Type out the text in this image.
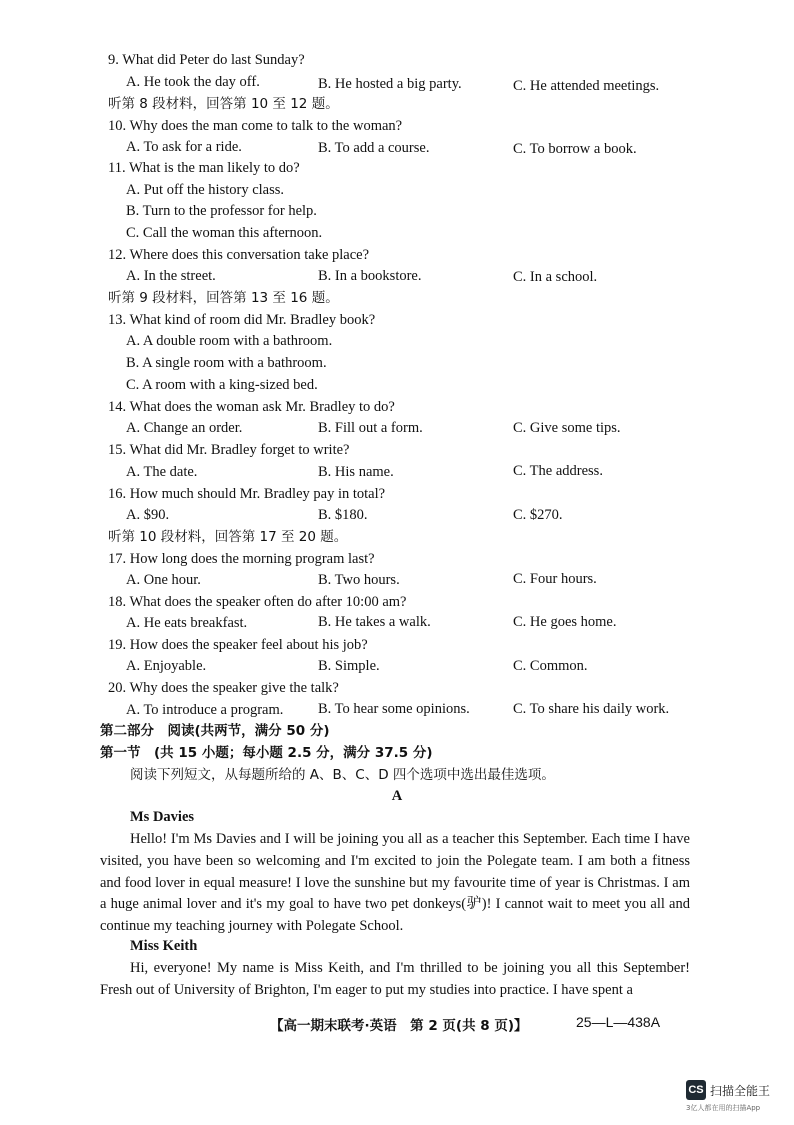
9. What did Peter do last Sunday?
A. He took the day off.	B. He hosted a big party.	C. He attended meetings.
听第 8 段材料，回答第 10 至 12 题。
10. Why does the man come to talk to the woman?
A. To ask for a ride.	B. To add a course.	C. To borrow a book.
11. What is the man likely to do?
A. Put off the history class.
B. Turn to the professor for help.
C. Call the woman this afternoon.
12. Where does this conversation take place?
A. In the street.	B. In a bookstore.	C. In a school.
听第 9 段材料，回答第 13 至 16 题。
13. What kind of room did Mr. Bradley book?
A. A double room with a bathroom.
B. A single room with a bathroom.
C. A room with a king-sized bed.
14. What does the woman ask Mr. Bradley to do?
A. Change an order.	B. Fill out a form.	C. Give some tips.
15. What did Mr. Bradley forget to write?
A. The date.	B. His name.	C. The address.
16. How much should Mr. Bradley pay in total?
A. $90.	B. $180.	C. $270.
听第 10 段材料，回答第 17 至 20 题。
17. How long does the morning program last?
A. One hour.	B. Two hours.	C. Four hours.
18. What does the speaker often do after 10:00 am?
A. He eats breakfast.	B. He takes a walk.	C. He goes home.
19. How does the speaker feel about his job?
A. Enjoyable.	B. Simple.	C. Common.
20. Why does the speaker give the talk?
A. To introduce a program. B. To hear some opinions.	C. To share his daily work.
第二部分　阅读(共两节，满分 50 分)
第一节　(共 15 小题；每小题 2.5 分，满分 37.5 分)
阅读下列短文，从每题所给的 A、B、C、D 四个选项中选出最佳选项。
A
Ms Davies
Hello! I'm Ms Davies and I will be joining you all as a teacher this September. Each time I have visited, you have been so welcoming and I'm excited to join the Polegate team. I am both a fitness and food lover in equal measure! I love the sunshine but my favourite time of year is Christmas. I am a huge animal lover and it's my goal to have two pet donkeys(驴)! I cannot wait to meet you all and continue my teaching journey with Polegate School.
Miss Keith
Hi, everyone! My name is Miss Keith, and I'm thrilled to be joining you all this September! Fresh out of University of Brighton, I'm eager to put my studies into practice. I have spent a
【高一期末联考·英语　第 2 页(共 8 页)】	25—L—438A
CS 扫描全能王
3亿人都在用的扫描App
